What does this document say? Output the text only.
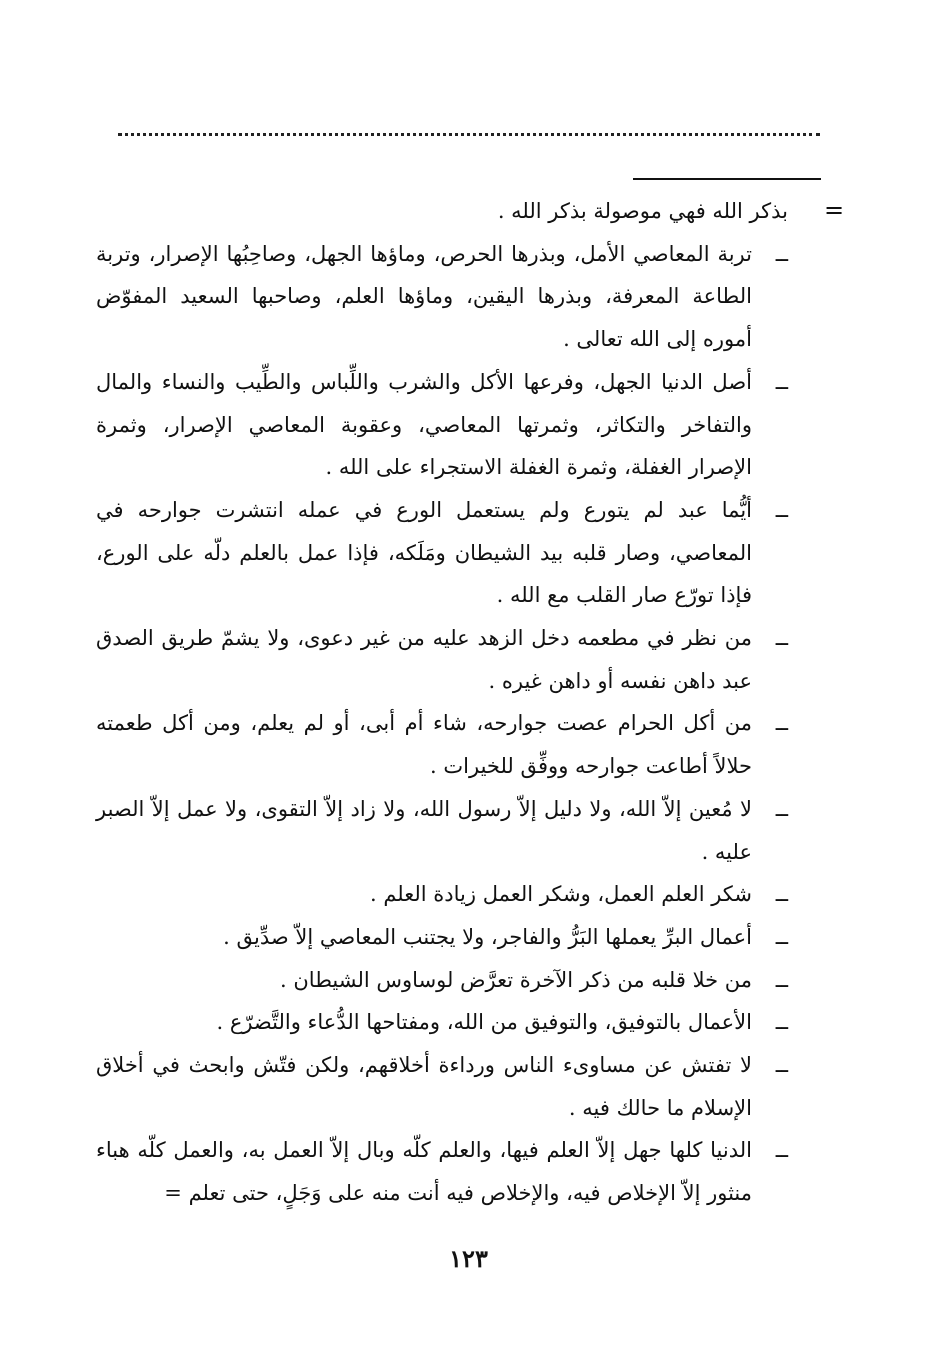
=

بذكر الله فهي موصولة بذكر الله .

ــتربة المعاصي الأمل، وبذرها الحرص، وماؤها الجهل، وصاحِبُها الإصرار، وتربة الطاعة المعرفة، وبذرها اليقين، وماؤها العلم، وصاحبها السعيد المفوّض أموره إلى الله تعالى .

ــأصل الدنيا الجهل، وفرعها الأكل والشرب واللِّباس والطِّيب والنساء والمال والتفاخر والتكاثر، وثمرتها المعاصي، وعقوبة المعاصي الإصرار، وثمرة الإصرار الغفلة، وثمرة الغفلة الاستجراء على الله .

ــأيُّما عبد لم يتورع ولم يستعمل الورع في عمله انتشرت جوارحه في المعاصي، وصار قلبه بيد الشيطان ومَلَكه، فإذا عمل بالعلم دلّه على الورع، فإذا تورّع صار القلب مع الله .

ــمن نظر في مطعمه دخل الزهد عليه من غير دعوى، ولا يشمّ طريق الصدق عبد داهن نفسه أو داهن غيره .

ــمن أكل الحرام عصت جوارحه، شاء أم أبى، أو لم يعلم، ومن أكل طعمته حلالاً أطاعت جوارحه ووفِّق للخيرات .

ــلا مُعين إلاّ الله، ولا دليل إلاّ رسول الله، ولا زاد إلاّ التقوى، ولا عمل إلاّ الصبر عليه .

ــشكر العلم العمل، وشكر العمل زيادة العلم .

ــأعمال البرِّ يعملها البَرُّ والفاجر، ولا يجتنب المعاصي إلاّ صدِّيق .

ــمن خلا قلبه من ذكر الآخرة تعرَّض لوساوس الشيطان .

ــالأعمال بالتوفيق، والتوفيق من الله، ومفتاحها الدُّعاء والتَّضرّع .

ــلا تفتش عن مساوىء الناس ورداءة أخلاقهم، ولكن فتّش وابحث في أخلاق الإسلام ما حالك فيه .

ــالدنيا كلها جهل إلاّ العلم فيها، والعلم كلّه وبال إلاّ العمل به، والعمل كلّه هباء منثور إلاّ الإخلاص فيه، والإخلاص فيه أنت منه على وَجَلٍ، حتى تعلم =

١٢٣
